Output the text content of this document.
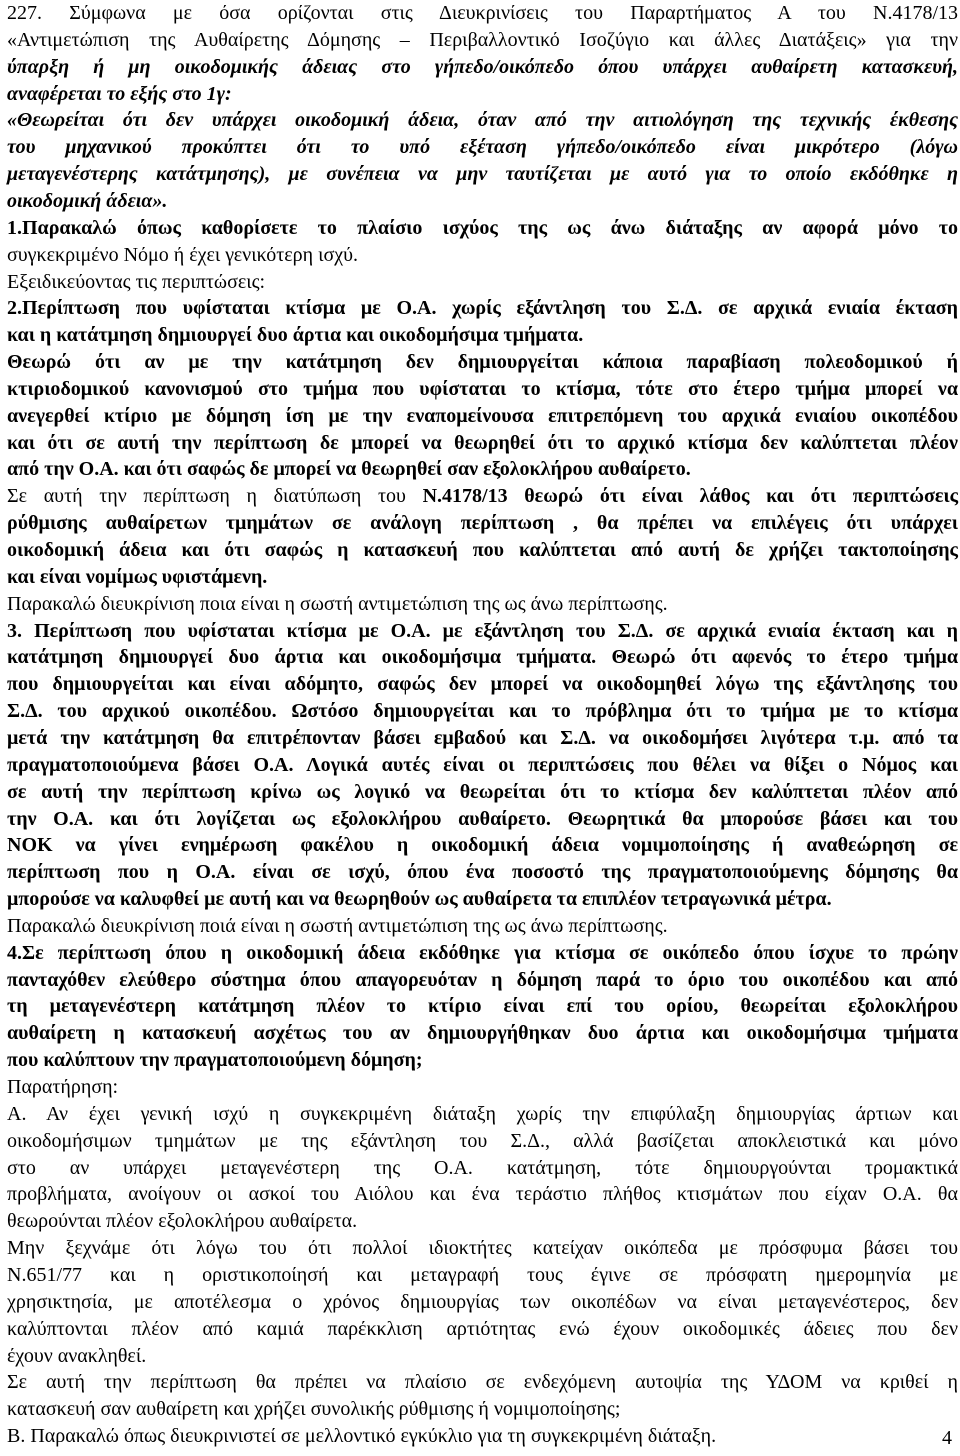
227. Σύμφωνα με όσα ορίζονται στις Διευκρινίσεις του Παραρτήματος Α του Ν.4178/13
«Αντιμετώπιση της Αυθαίρετης Δόμησης – Περιβαλλοντικό Ισοζύγιο και άλλες Διατάξεις» για την
ύπαρξη ή μη οικοδομικής άδειας στο γήπεδο/οικόπεδο όπου υπάρχει αυθαίρετη κατασκευή,
αναφέρεται το εξής στο 1γ:
«Θεωρείται ότι δεν υπάρχει οικοδομική άδεια, όταν από την αιτιολόγηση της τεχνικής έκθεσης
του μηχανικού προκύπτει ότι το υπό εξέταση γήπεδο/οικόπεδο είναι μικρότερο (λόγω
μεταγενέστερης κατάτμησης), με συνέπεια να μην ταυτίζεται με αυτό για το οποίο εκδόθηκε η
οικοδομική άδεια».
1.Παρακαλώ όπως καθορίσετε το πλαίσιο ισχύος της ως άνω διάταξης αν αφορά μόνο το
συγκεκριμένο Νόμο ή έχει γενικότερη ισχύ.
Εξειδικεύοντας τις περιπτώσεις:
2.Περίπτωση που υφίσταται κτίσμα με Ο.Α. χωρίς εξάντληση του Σ.Δ. σε αρχικά ενιαία έκταση
και η κατάτμηση δημιουργεί δυο άρτια και οικοδομήσιμα τμήματα.
Θεωρώ ότι αν με την κατάτμηση δεν δημιουργείται κάποια παραβίαση πολεοδομικού ή
κτιριοδομικού κανονισμού στο τμήμα που υφίσταται το κτίσμα, τότε στο έτερο τμήμα μπορεί να
ανεγερθεί κτίριο με δόμηση ίση με την εναπομείνουσα επιτρεπόμενη του αρχικά ενιαίου οικοπέδου
και ότι σε αυτή την περίπτωση δε μπορεί να θεωρηθεί ότι το αρχικό κτίσμα δεν καλύπτεται πλέον
από την Ο.Α. και ότι σαφώς δε μπορεί να θεωρηθεί σαν εξολοκλήρου αυθαίρετο.
Σε αυτή την περίπτωση η διατύπωση του Ν.4178/13 θεωρώ ότι είναι λάθος και ότι περιπτώσεις
ρύθμισης αυθαίρετων τμημάτων σε ανάλογη περίπτωση , θα πρέπει να επιλέγεις ότι υπάρχει
οικοδομική άδεια και ότι σαφώς η κατασκευή που καλύπτεται από αυτή δε χρήζει τακτοποίησης
και είναι νομίμως υφιστάμενη.
Παρακαλώ διευκρίνιση ποια είναι η σωστή αντιμετώπιση της ως άνω περίπτωσης.
3. Περίπτωση που υφίσταται κτίσμα με Ο.Α. με εξάντληση του Σ.Δ. σε αρχικά ενιαία έκταση και η
κατάτμηση δημιουργεί δυο άρτια και οικοδομήσιμα τμήματα. Θεωρώ ότι αφενός το έτερο τμήμα
που δημιουργείται και είναι αδόμητο, σαφώς δεν μπορεί να οικοδομηθεί λόγω της εξάντλησης του
Σ.Δ. του αρχικού οικοπέδου. Ωστόσο δημιουργείται και το πρόβλημα ότι το τμήμα με το κτίσμα
μετά την κατάτμηση θα επιτρέπονταν βάσει εμβαδού και Σ.Δ. να οικοδομήσει λιγότερα τ.μ. από τα
πραγματοποιούμενα βάσει Ο.Α. Λογικά αυτές είναι οι περιπτώσεις που θέλει να θίξει ο Νόμος και
σε αυτή την περίπτωση κρίνω ως λογικό να θεωρείται ότι το κτίσμα δεν καλύπτεται πλέον από
την Ο.Α. και ότι λογίζεται ως εξολοκλήρου αυθαίρετο. Θεωρητικά θα μπορούσε βάσει και του
ΝΟΚ να γίνει ενημέρωση φακέλου η οικοδομική άδεια νομιμοποίησης ή αναθεώρηση σε
περίπτωση που η Ο.Α. είναι σε ισχύ, όπου ένα ποσοστό της πραγματοποιούμενης δόμησης θα
μπορούσε να καλυφθεί με αυτή και να θεωρηθούν ως αυθαίρετα τα επιπλέον τετραγωνικά μέτρα.
Παρακαλώ διευκρίνιση ποιά είναι η σωστή αντιμετώπιση της ως άνω περίπτωσης.
4.Σε περίπτωση όπου η οικοδομική άδεια εκδόθηκε για κτίσμα σε οικόπεδο όπου ίσχυε το πρώην
πανταχόθεν ελεύθερο σύστημα όπου απαγορευόταν η δόμηση παρά το όριο του οικοπέδου και από
τη μεταγενέστερη κατάτμηση πλέον το κτίριο είναι επί του ορίου, θεωρείται εξολοκλήρου
αυθαίρετη η κατασκευή ασχέτως του αν δημιουργήθηκαν δυο άρτια και οικοδομήσιμα τμήματα
που καλύπτουν την πραγματοποιούμενη δόμηση;
Παρατήρηση:
Α. Αν έχει γενική ισχύ η συγκεκριμένη διάταξη χωρίς την επιφύλαξη δημιουργίας άρτιων και
οικοδομήσιμων τμημάτων με της εξάντληση του Σ.Δ., αλλά βασίζεται αποκλειστικά και μόνο
στο αν υπάρχει μεταγενέστερη της Ο.Α. κατάτμηση, τότε δημιουργούνται τρομακτικά
προβλήματα, ανοίγουν οι ασκοί του Αιόλου και ένα τεράστιο πλήθος κτισμάτων που είχαν Ο.Α. θα
θεωρούνται πλέον εξολοκλήρου αυθαίρετα.
Μην ξεχνάμε ότι λόγω του ότι πολλοί ιδιοκτήτες κατείχαν οικόπεδα με πρόσφυμα βάσει του
Ν.651/77 και η οριστικοποίησή και μεταγραφή τους έγινε σε πρόσφατη ημερομηνία με
χρησικτησία, με αποτέλεσμα ο χρόνος δημιουργίας των οικοπέδων να είναι μεταγενέστερος, δεν
καλύπτονται πλέον από καμιά παρέκκλιση αρτιότητας ενώ έχουν οικοδομικές άδειες που δεν
έχουν ανακληθεί.
Σε αυτή την περίπτωση θα πρέπει να πλαίσιο σε ενδεχόμενη αυτοψία της ΥΔΟΜ να κριθεί η
κατασκευή σαν αυθαίρετη και χρήζει συνολικής ρύθμισης ή νομιμοποίησης;
Β. Παρακαλώ όπως διευκρινιστεί σε μελλοντικό εγκύκλιο για τη συγκεκριμένη διάταξη.	4
